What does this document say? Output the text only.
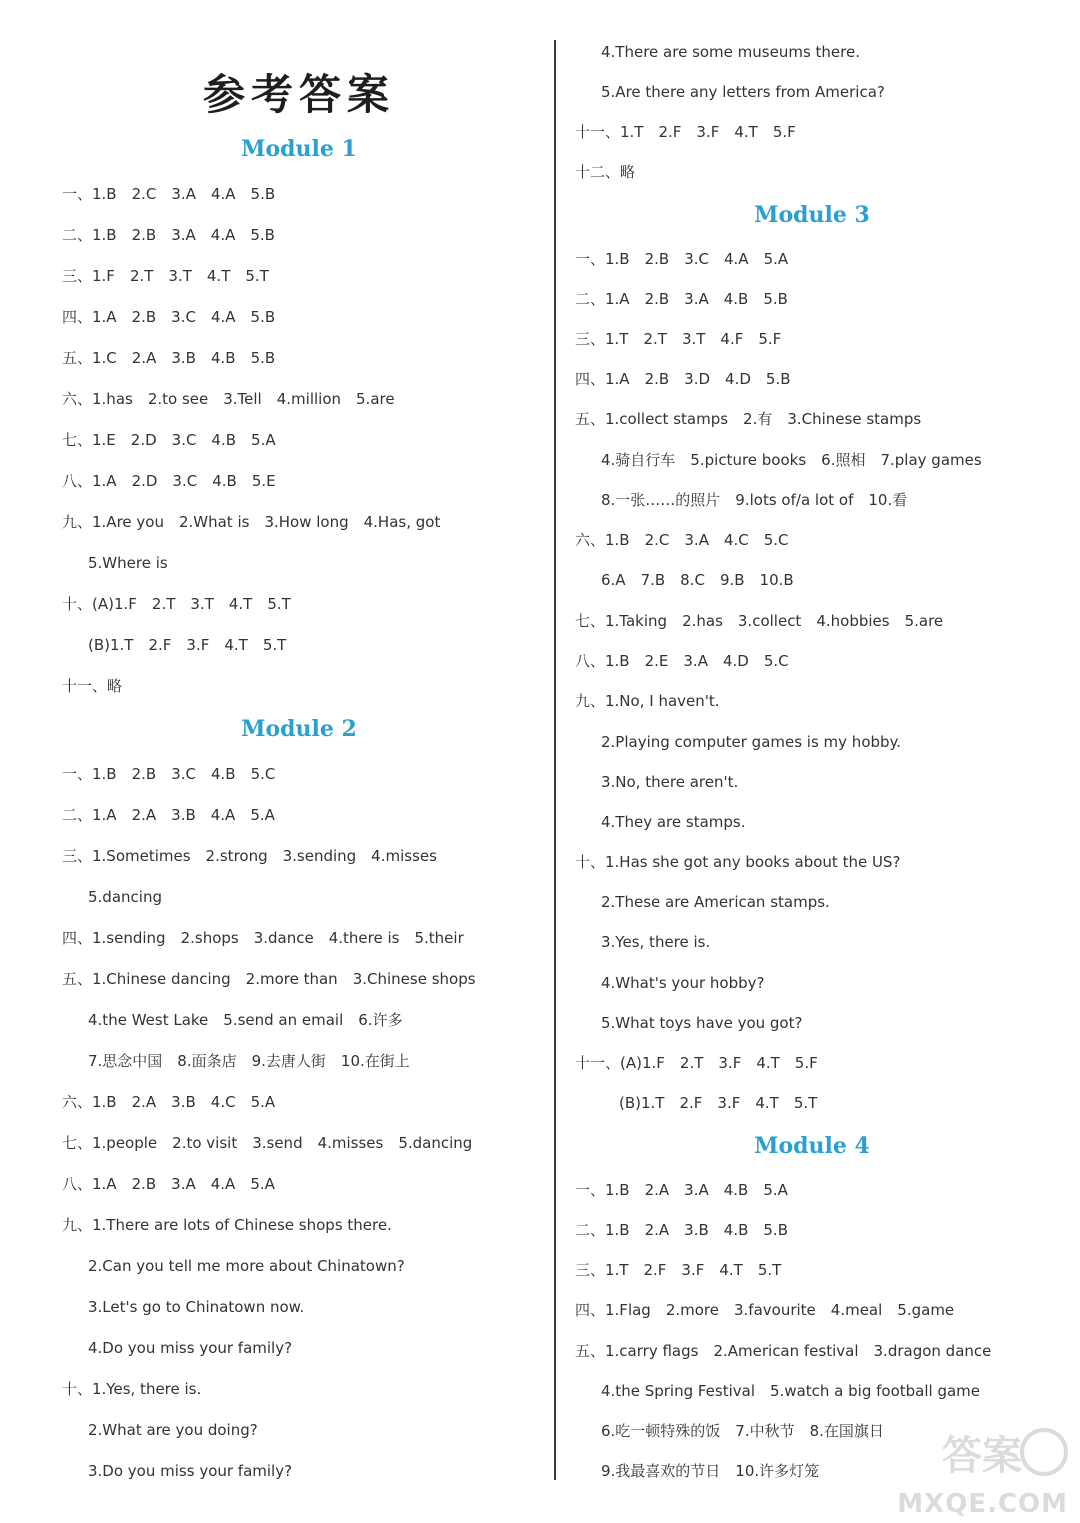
参考答案
Module 1
一、1.B　2.C　3.A　4.A　5.B
二、1.B　2.B　3.A　4.A　5.B
三、1.F　2.T　3.T　4.T　5.T
四、1.A　2.B　3.C　4.A　5.B
五、1.C　2.A　3.B　4.B　5.B
六、1.has　2.to see　3.Tell　4.million　5.are
七、1.E　2.D　3.C　4.B　5.A
八、1.A　2.D　3.C　4.B　5.E
九、1.Are you　2.What is　3.How long　4.Has, got
5.Where is
十、(A)1.F　2.T　3.T　4.T　5.T
(B)1.T　2.F　3.F　4.T　5.T
十一、略
Module 2
一、1.B　2.B　3.C　4.B　5.C
二、1.A　2.A　3.B　4.A　5.A
三、1.Sometimes　2.strong　3.sending　4.misses
5.dancing
四、1.sending　2.shops　3.dance　4.there is　5.their
五、1.Chinese dancing　2.more than　3.Chinese shops
4.the West Lake　5.send an email　6.许多
7.思念中国　8.面条店　9.去唐人街　10.在街上
六、1.B　2.A　3.B　4.C　5.A
七、1.people　2.to visit　3.send　4.misses　5.dancing
八、1.A　2.B　3.A　4.A　5.A
九、1.There are lots of Chinese shops there.
2.Can you tell me more about Chinatown?
3.Let's go to Chinatown now.
4.Do you miss your family?
十、1.Yes, there is.
2.What are you doing?
3.Do you miss your family?
4.There are some museums there.
5.Are there any letters from America?
十一、1.T　2.F　3.F　4.T　5.F
十二、略
Module 3
一、1.B　2.B　3.C　4.A　5.A
二、1.A　2.B　3.A　4.B　5.B
三、1.T　2.T　3.T　4.F　5.F
四、1.A　2.B　3.D　4.D　5.B
五、1.collect stamps　2.有　3.Chinese stamps
4.骑自行车　5.picture books　6.照相　7.play games
8.一张……的照片　9.lots of/a lot of　10.看
六、1.B　2.C　3.A　4.C　5.C
6.A　7.B　8.C　9.B　10.B
七、1.Taking　2.has　3.collect　4.hobbies　5.are
八、1.B　2.E　3.A　4.D　5.C
九、1.No, I haven't.
2.Playing computer games is my hobby.
3.No, there aren't.
4.They are stamps.
十、1.Has she got any books about the US?
2.These are American stamps.
3.Yes, there is.
4.What's your hobby?
5.What toys have you got?
十一、(A)1.F　2.T　3.F　4.T　5.F
(B)1.T　2.F　3.F　4.T　5.T
Module 4
一、1.B　2.A　3.A　4.B　5.A
二、1.B　2.A　3.B　4.B　5.B
三、1.T　2.F　3.F　4.T　5.T
四、1.Flag　2.more　3.favourite　4.meal　5.game
五、1.carry flags　2.American festival　3.dragon dance
4.the Spring Festival　5.watch a big football game
6.吃一顿特殊的饭　7.中秋节　8.在国旗日
9.我最喜欢的节日　10.许多灯笼	答案
MXQE.COM
